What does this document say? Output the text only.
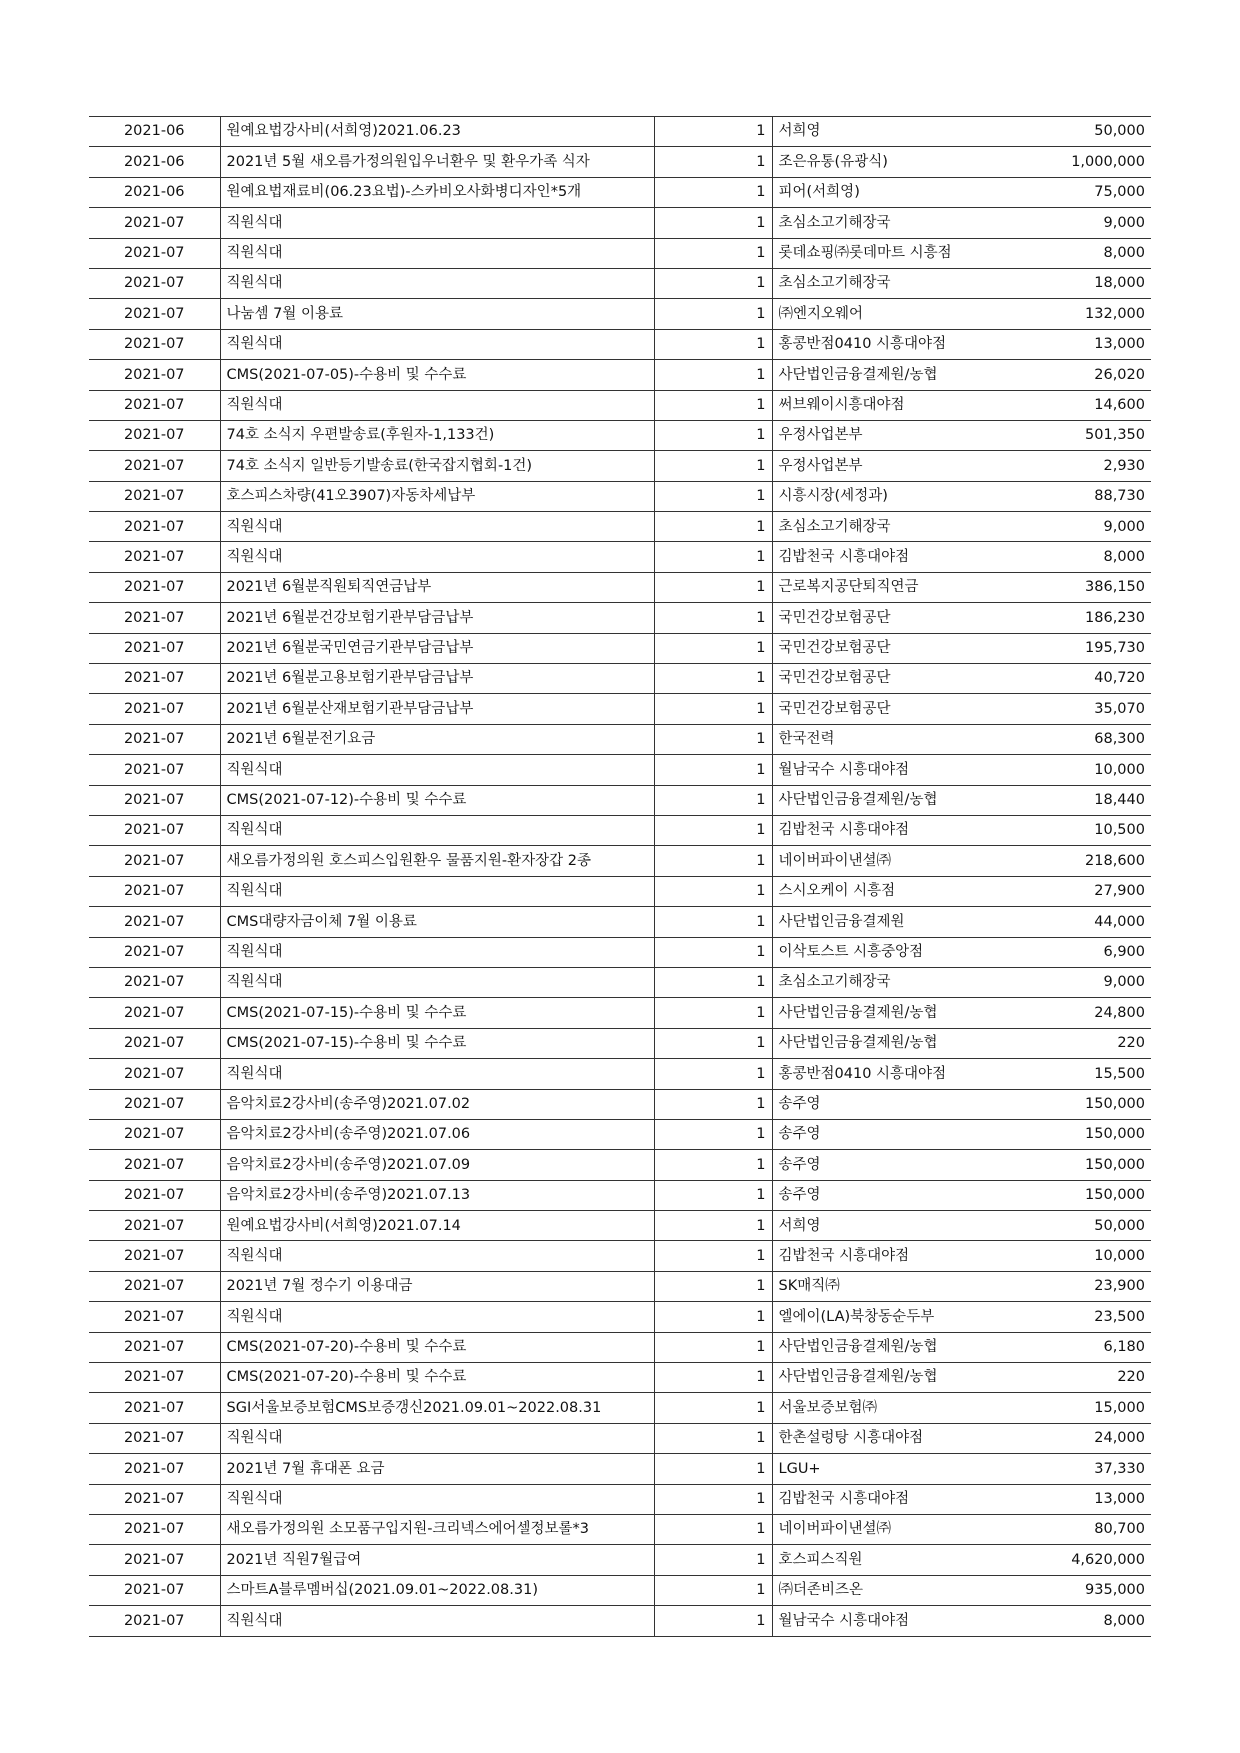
2021-06	원예요법강사비(서희영)2021.06.23	1	서희영	50,000
2021-06	2021년 5월 새오름가정의원입우너환우 및 환우가족 식자	1	조은유통(유광식)	1,000,000
2021-06	원예요법재료비(06.23요법)-스카비오사화병디자인*5개	1	피어(서희영)	75,000
2021-07	직원식대	1	초심소고기해장국	9,000
2021-07	직원식대	1	롯데쇼핑㈜롯데마트 시흥점	8,000
2021-07	직원식대	1	초심소고기해장국	18,000
2021-07	나눔셈 7월 이용료	1	㈜엔지오웨어	132,000
2021-07	직원식대	1	홍콩반점0410 시흥대야점	13,000
2021-07	CMS(2021-07-05)-수용비 및 수수료	1	사단법인금융결제원/농협	26,020
2021-07	직원식대	1	써브웨이시흥대야점	14,600
2021-07	74호 소식지 우편발송료(후원자-1,133건)	1	우정사업본부	501,350
2021-07	74호 소식지 일반등기발송료(한국잡지협회-1건)	1	우정사업본부	2,930
2021-07	호스피스차량(41오3907)자동차세납부	1	시흥시장(세정과)	88,730
2021-07	직원식대	1	초심소고기해장국	9,000
2021-07	직원식대	1	김밥천국 시흥대야점	8,000
2021-07	2021년 6월분직원퇴직연금납부	1	근로복지공단퇴직연금	386,150
2021-07	2021년 6월분건강보험기관부담금납부	1	국민건강보험공단	186,230
2021-07	2021년 6월분국민연금기관부담금납부	1	국민건강보험공단	195,730
2021-07	2021년 6월분고용보험기관부담금납부	1	국민건강보험공단	40,720
2021-07	2021년 6월분산재보험기관부담금납부	1	국민건강보험공단	35,070
2021-07	2021년 6월분전기요금	1	한국전력	68,300
2021-07	직원식대	1	월남국수 시흥대야점	10,000
2021-07	CMS(2021-07-12)-수용비 및 수수료	1	사단법인금융결제원/농협	18,440
2021-07	직원식대	1	김밥천국 시흥대야점	10,500
2021-07	새오름가정의원 호스피스입원환우 물품지원-환자장갑 2종	1	네이버파이낸셜㈜	218,600
2021-07	직원식대	1	스시오케이 시흥점	27,900
2021-07	CMS대량자금이체 7월 이용료	1	사단법인금융결제원	44,000
2021-07	직원식대	1	이삭토스트 시흥중앙점	6,900
2021-07	직원식대	1	초심소고기해장국	9,000
2021-07	CMS(2021-07-15)-수용비 및 수수료	1	사단법인금융결제원/농협	24,800
2021-07	CMS(2021-07-15)-수용비 및 수수료	1	사단법인금융결제원/농협	220
2021-07	직원식대	1	홍콩반점0410 시흥대야점	15,500
2021-07	음악치료2강사비(송주영)2021.07.02	1	송주영	150,000
2021-07	음악치료2강사비(송주영)2021.07.06	1	송주영	150,000
2021-07	음악치료2강사비(송주영)2021.07.09	1	송주영	150,000
2021-07	음악치료2강사비(송주영)2021.07.13	1	송주영	150,000
2021-07	원예요법강사비(서희영)2021.07.14	1	서희영	50,000
2021-07	직원식대	1	김밥천국 시흥대야점	10,000
2021-07	2021년 7월 정수기 이용대금	1	SK매직㈜	23,900
2021-07	직원식대	1	엘에이(LA)북창동순두부	23,500
2021-07	CMS(2021-07-20)-수용비 및 수수료	1	사단법인금융결제원/농협	6,180
2021-07	CMS(2021-07-20)-수용비 및 수수료	1	사단법인금융결제원/농협	220
2021-07	SGI서울보증보험CMS보증갱신2021.09.01~2022.08.31	1	서울보증보험㈜	15,000
2021-07	직원식대	1	한촌설렁탕 시흥대야점	24,000
2021-07	2021년 7월 휴대폰 요금	1	LGU+	37,330
2021-07	직원식대	1	김밥천국 시흥대야점	13,000
2021-07	새오름가정의원 소모품구입지원-크리넥스에어셀정보롤*3	1	네이버파이낸셜㈜	80,700
2021-07	2021년 직원7월급여	1	호스피스직원	4,620,000
2021-07	스마트A블루멤버십(2021.09.01~2022.08.31)	1	㈜더존비즈온	935,000
2021-07	직원식대	1	월남국수 시흥대야점	8,000
